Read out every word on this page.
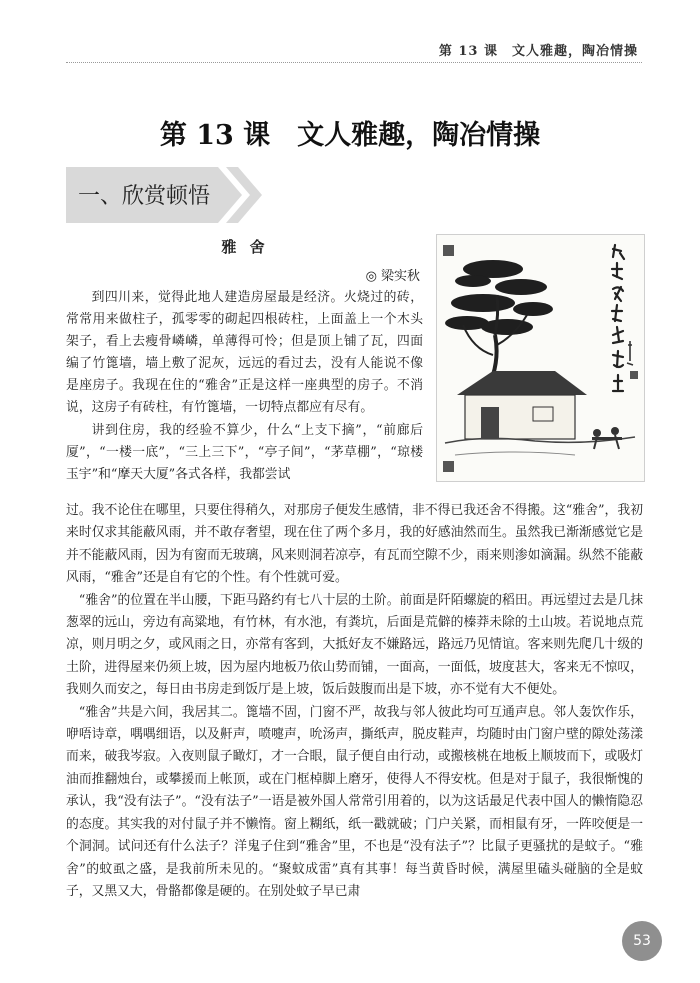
第 13 课　文人雅趣，陶冶情操
第 13 课　文人雅趣，陶冶情操
一、欣赏顿悟
雅 舍
◎ 梁实秋

到四川来，觉得此地人建造房屋最是经济。火烧过的砖，常常用来做柱子，孤零零的砌起四根砖柱，上面盖上一个木头架子，看上去瘦骨嶙嶙，单薄得可怜；但是顶上铺了瓦，四面编了竹篦墙，墙上敷了泥灰，远远的看过去，没有人能说不像是座房子。我现在住的“雅舍”正是这样一座典型的房子。不消说，这房子有砖柱，有竹篦墙，一切特点都应有尽有。

讲到住房，我的经验不算少，什么“上支下摘”，“前廊后厦”，“一楼一底”，“三上三下”，“亭子间”，“茅草棚”，“琼楼玉宇”和“摩天大厦”各式各样，我都尝试

过。我不论住在哪里，只要住得稍久，对那房子便发生感情，非不得已我还舍不得搬。这“雅舍”，我初来时仅求其能蔽风雨，并不敢存奢望，现在住了两个多月，我的好感油然而生。虽然我已渐渐感觉它是并不能蔽风雨，因为有窗而无玻璃，风来则洞若凉亭，有瓦而空隙不少，雨来则渗如滴漏。纵然不能蔽风雨，“雅舍”还是自有它的个性。有个性就可爱。

“雅舍”的位置在半山腰，下距马路约有七八十层的土阶。前面是阡陌螺旋的稻田。再远望过去是几抹葱翠的远山，旁边有高粱地，有竹林，有水池，有粪坑，后面是荒僻的榛莽未除的土山坡。若说地点荒凉，则月明之夕，或风雨之日，亦常有客到，大抵好友不嫌路远，路远乃见情谊。客来则先爬几十级的土阶，进得屋来仍须上坡，因为屋内地板乃依山势而铺，一面高，一面低，坡度甚大，客来无不惊叹，我则久而安之，每日由书房走到饭厅是上坡，饭后鼓腹而出是下坡，亦不觉有大不便处。

“雅舍”共是六间，我居其二。篦墙不固，门窗不严，故我与邻人彼此均可互通声息。邻人轰饮作乐，咿唔诗章，喁喁细语，以及鼾声，喷嚏声，吮汤声，撕纸声，脱皮鞋声，均随时由门窗户壁的隙处荡漾而来，破我岑寂。入夜则鼠子瞰灯，才一合眼，鼠子便自由行动，或搬核桃在地板上顺坡而下，或吸灯油而推翻烛台，或攀援而上帐顶，或在门框棹脚上磨牙，使得人不得安枕。但是对于鼠子，我很惭愧的承认，我“没有法子”。“没有法子”一语是被外国人常常引用着的，以为这话最足代表中国人的懒惰隐忍的态度。其实我的对付鼠子并不懒惰。窗上糊纸，纸一戳就破；门户关紧，而相鼠有牙，一阵咬便是一个洞洞。试问还有什么法子？洋鬼子住到“雅舍”里，不也是“没有法子”？比鼠子更骚扰的是蚊子。“雅舍”的蚊虱之盛，是我前所未见的。“聚蚊成雷”真有其事！每当黄昏时候，满屋里磕头碰脑的全是蚊子，又黑又大，骨骼都像是硬的。在别处蚊子早已肃

53
